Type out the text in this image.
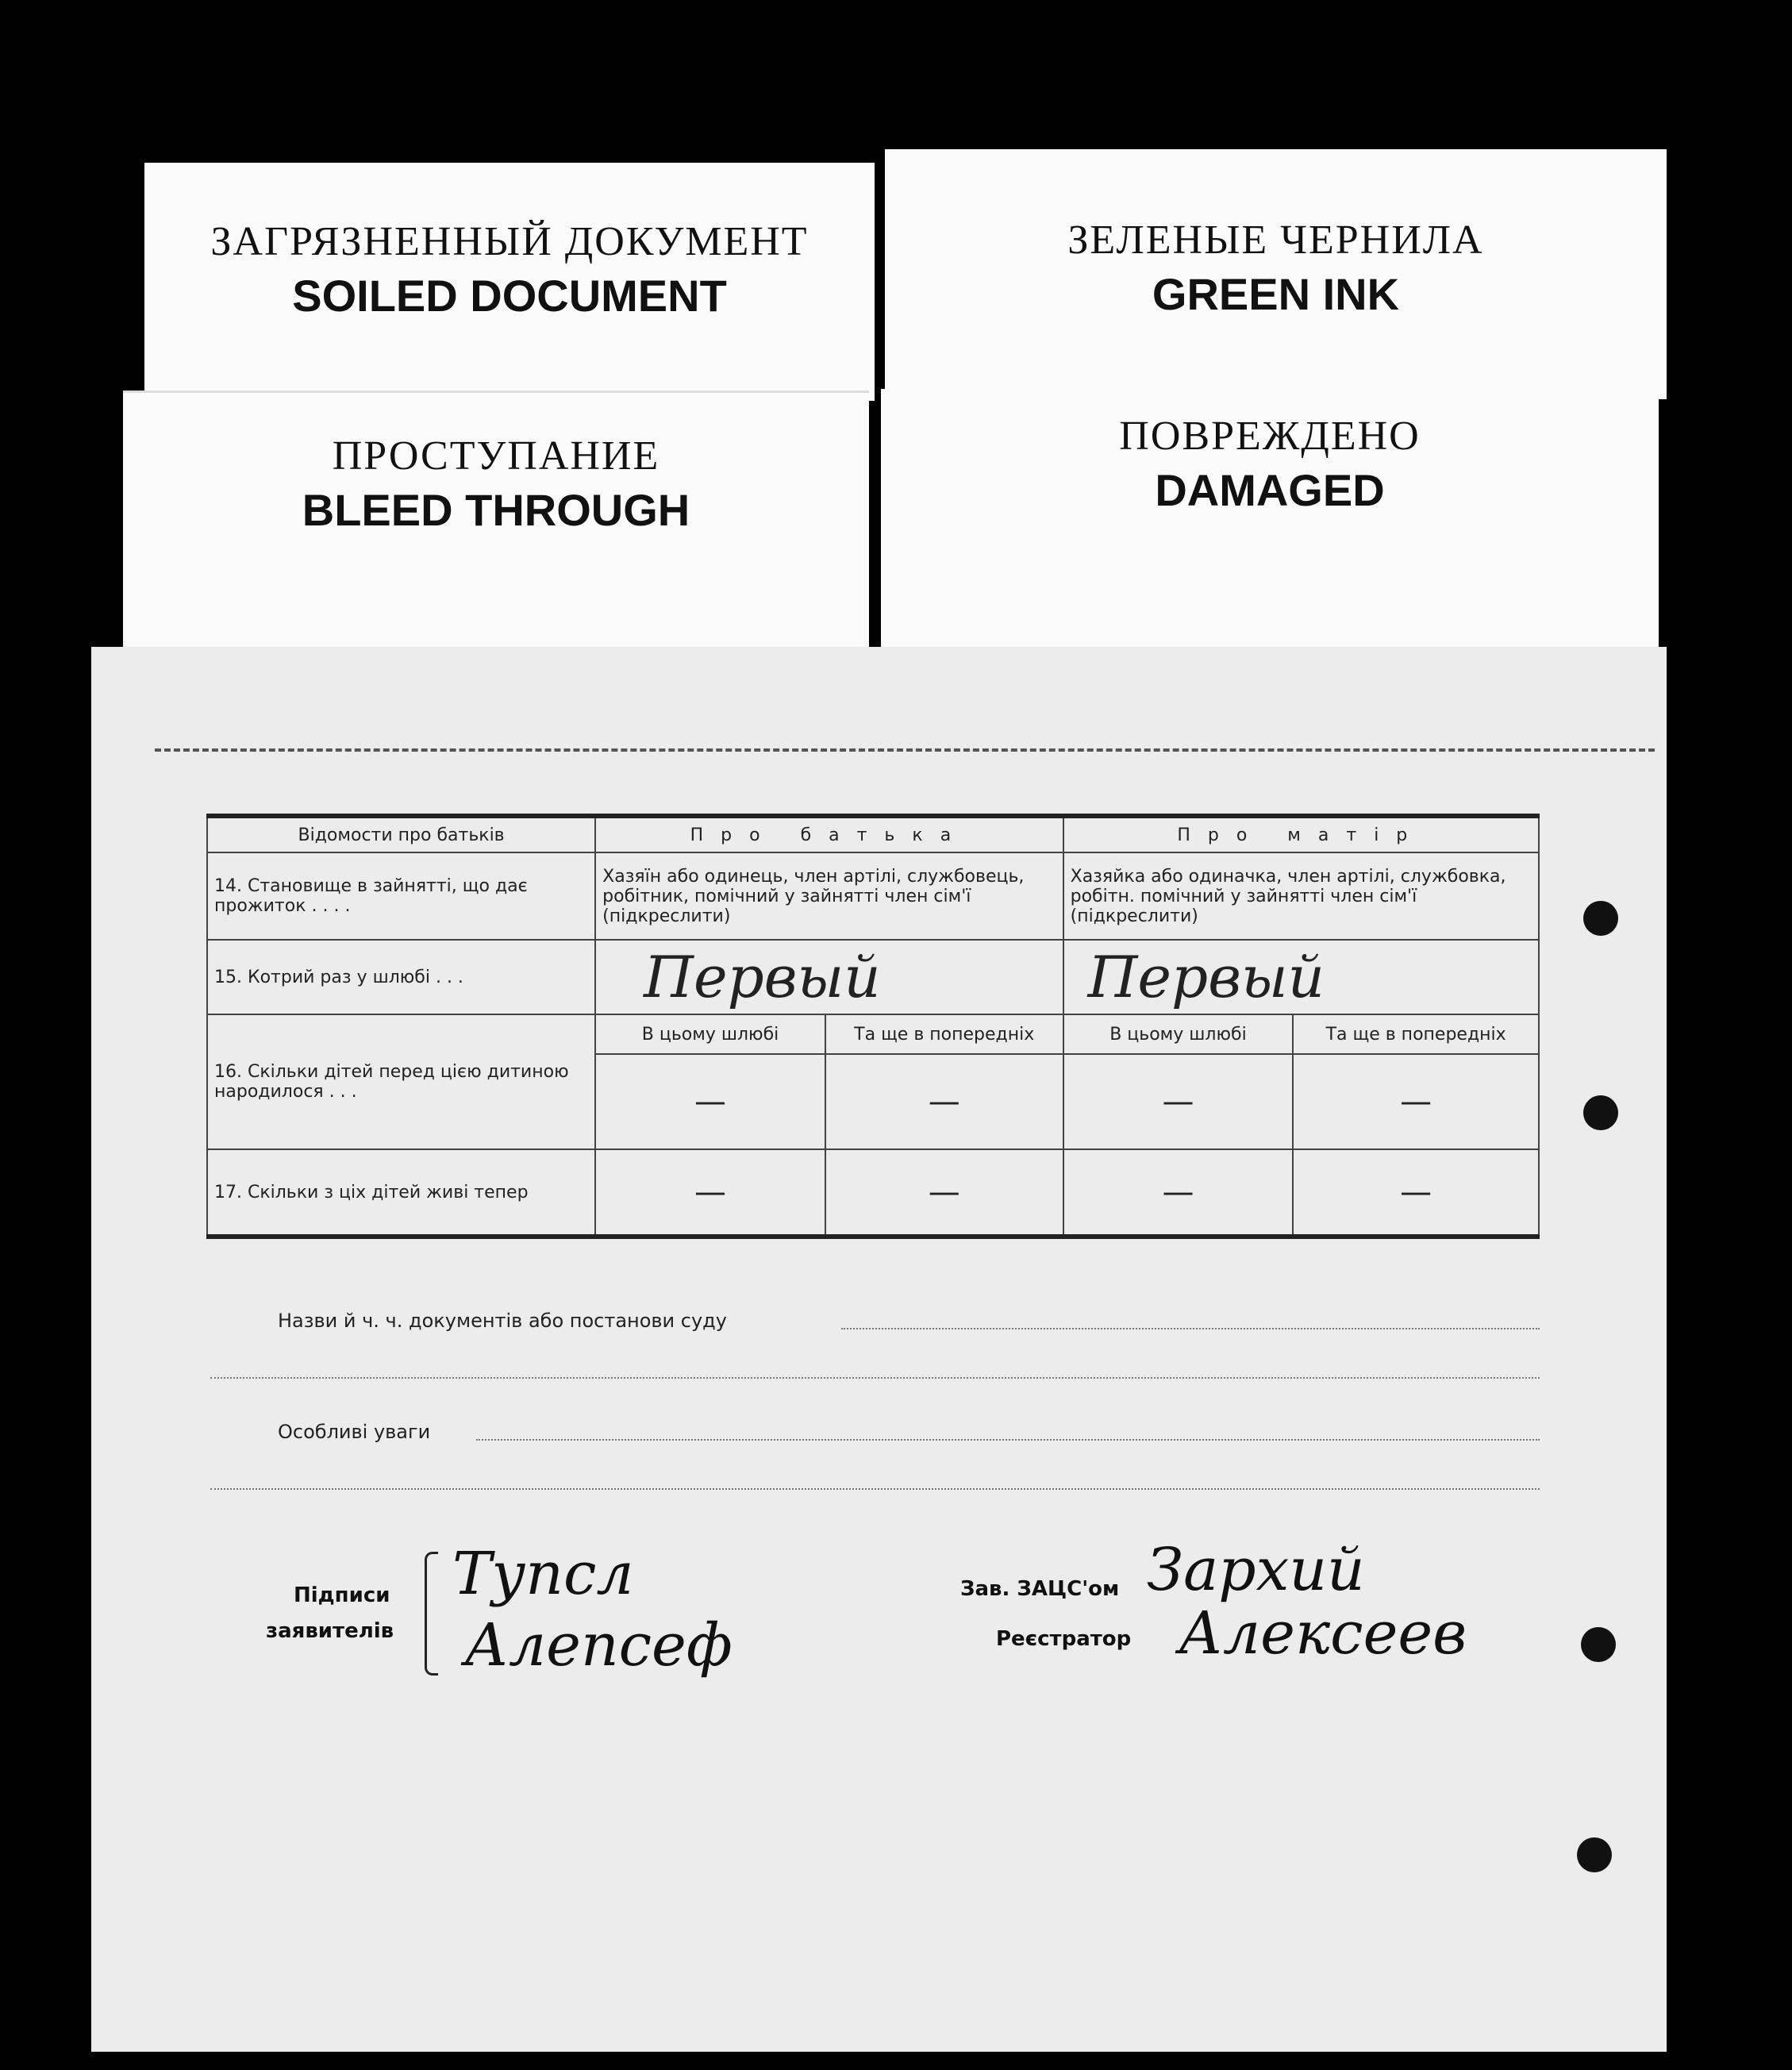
ЗАГРЯЗНЕННЫЙ ДОКУМЕНТ
SOILED DOCUMENT
ЗЕЛЕНЫЕ ЧЕРНИЛА
GREEN INK
ПРОСТУПАНИЕ
BLEED THROUGH
ПОВРЕЖДЕНО
DAMAGED
Відомости про батьків	Про батька		Про матір	
14. Становище в зайнятті, що дає прожиток . . . .	Хазяїн або одинець, член артілі, службовець, робітник, помічний у зайнятті член сім'ї (підкреслити)		Хазяйка або одиначка, член артілі, службовка, робітн. помічний у зайнятті член сім'ї (підкреслити)	
15. Котрий раз у шлюбі . . .	Первый		Первый	
16. Скільки дітей перед цією дитиною народилося . . .	В цьому шлюбі	Та ще в попередніх	В цьому шлюбі	Та ще в попередніх
	—	—	—	—
17. Скільки з ціх дітей живі тепер	—	—	—	—
Назви й ч. ч. документів або постанови суду
Особливі уваги
Підписи
заявителів
Тупсл
Алепсеф
Зав. ЗАЦС'ом Зархий
Реєстратор Алексеев
